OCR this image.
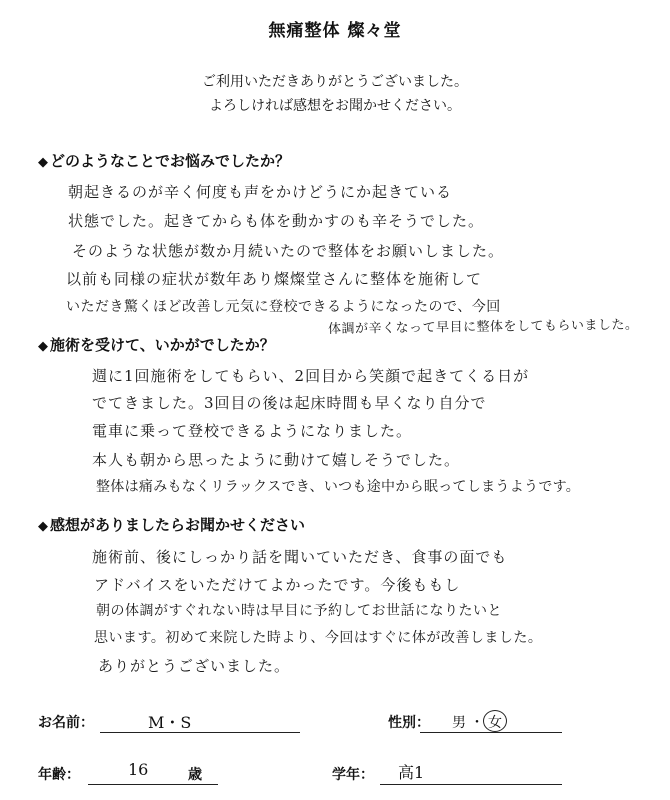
無痛整体 燦々堂
ご利用いただきありがとうございました。
よろしければ感想をお聞かせください。
◆ どのようなことでお悩みでしたか？
朝起きるのが辛く何度も声をかけどうにか起きている
状態でした。起きてからも体を動かすのも辛そうでした。
そのような状態が数か月続いたので整体をお願いしました。
以前も同様の症状が数年あり燦燦堂さんに整体を施術して
いただき驚くほど改善し元気に登校できるようになったので、今回
体調が辛くなって早目に整体をしてもらいました。
◆ 施術を受けて、いかがでしたか？
週に1回施術をしてもらい、2回目から笑顔で起きてくる日が
でてきました。3回目の後は起床時間も早くなり自分で
電車に乗って登校できるようになりました。
本人も朝から思ったように動けて嬉しそうでした。
整体は痛みもなくリラックスでき、いつも途中から眠ってしまうようです。
◆ 感想がありましたらお聞かせください
施術前、後にしっかり話を聞いていただき、食事の面でも
アドバイスをいただけてよかったです。今後ももし
朝の体調がすぐれない時は早目に予約してお世話になりたいと
思います。初めて来院した時より、今回はすぐに体が改善しました。
ありがとうございました。
お名前：	M・S	性別： 男 ・ 女
年齢：	16	歳	学年： 高1
